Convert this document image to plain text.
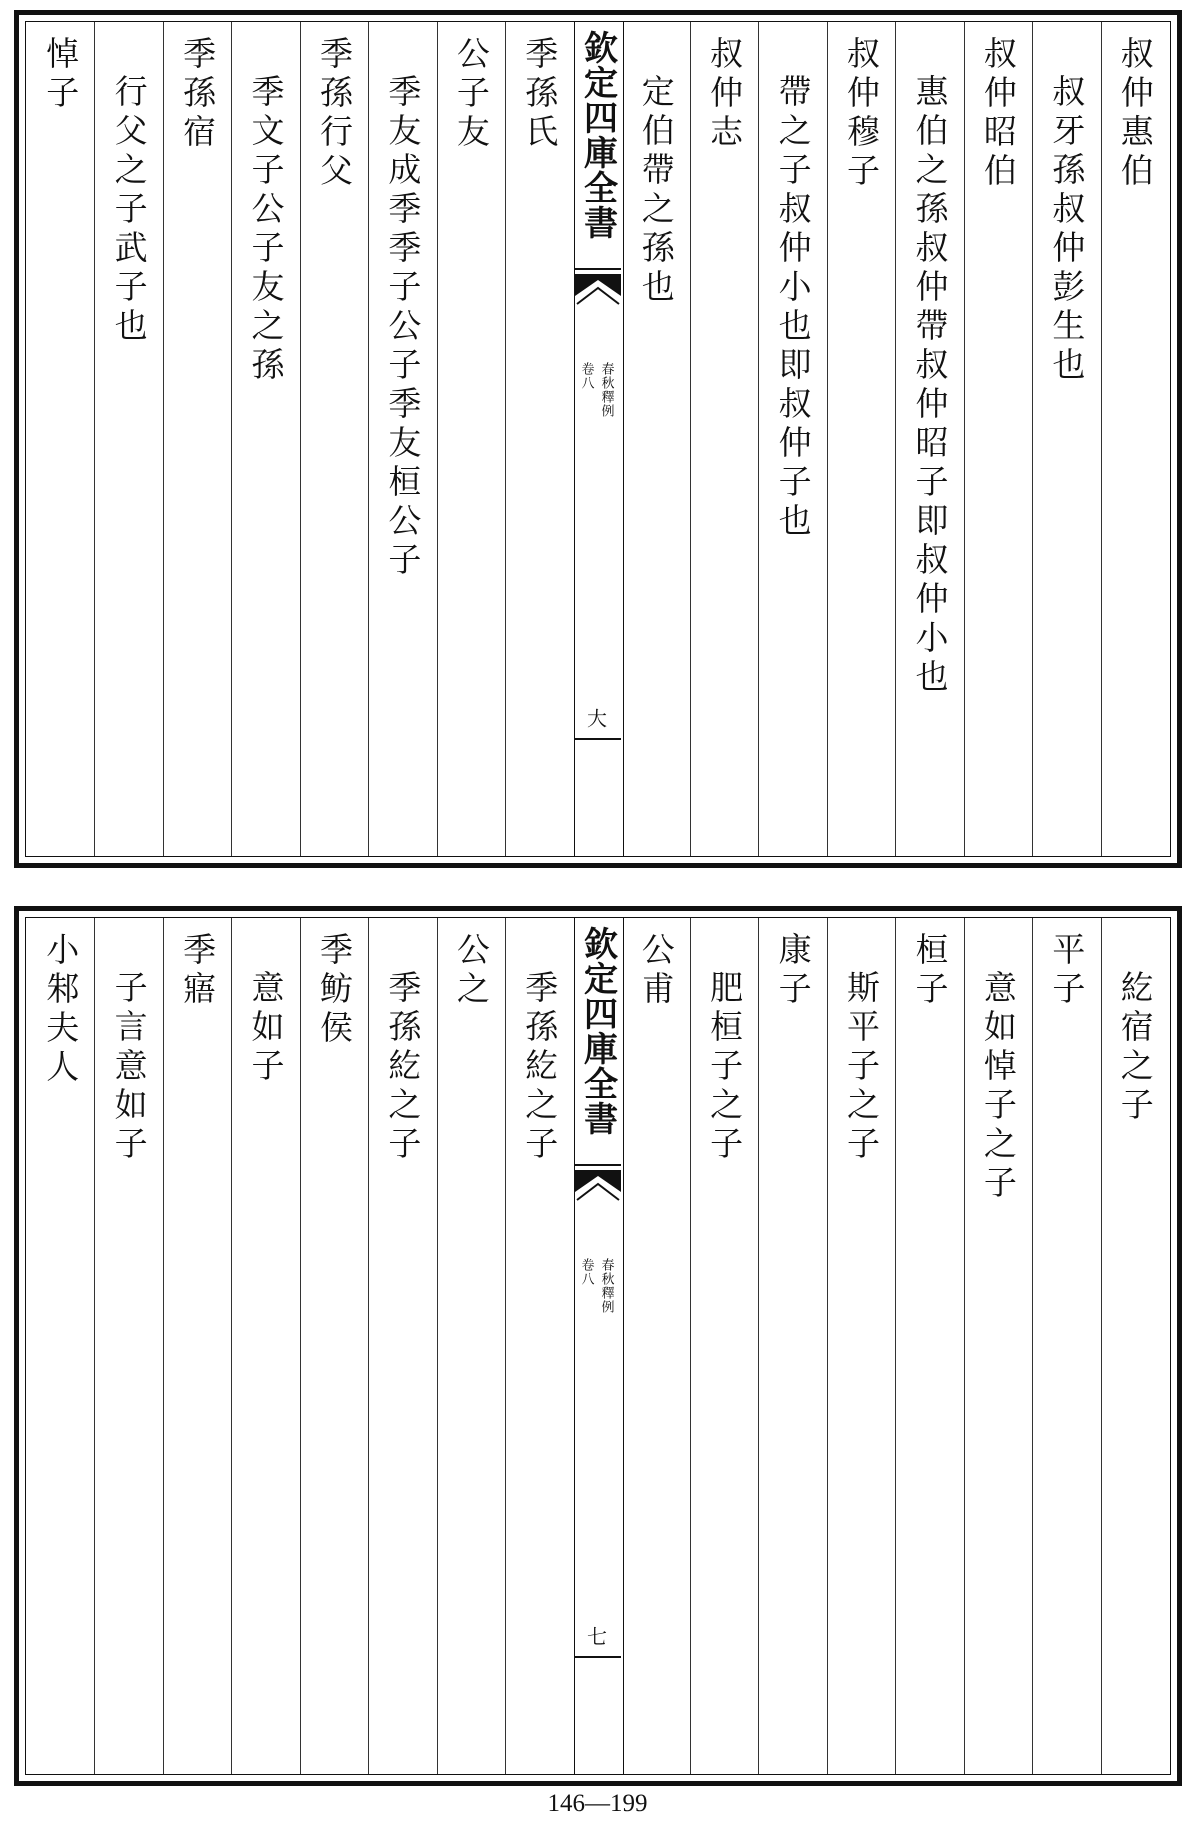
叔仲惠伯
叔牙孫叔仲彭生也
叔仲昭伯
惠伯之孫叔仲帶叔仲昭子即叔仲小也
叔仲穆子
帶之子叔仲小也即叔仲子也
叔仲志
定伯帶之孫也
季孫氏
公子友
季友成季季子公子季友桓公子
季孫行父
季文子公子友之孫
季孫宿
行父之子武子也
悼子	欽定四庫全書
春秋釋例
卷八
大
紇宿之子
平子
意如悼子之子
桓子
斯平子之子
康子
肥桓子之子
公甫
季孫紇之子
公之
季孫紇之子
季鲂侯
意如子
季寤
子言意如子
小邾夫人	欽定四庫全書
春秋釋例
卷八
七
146—199
